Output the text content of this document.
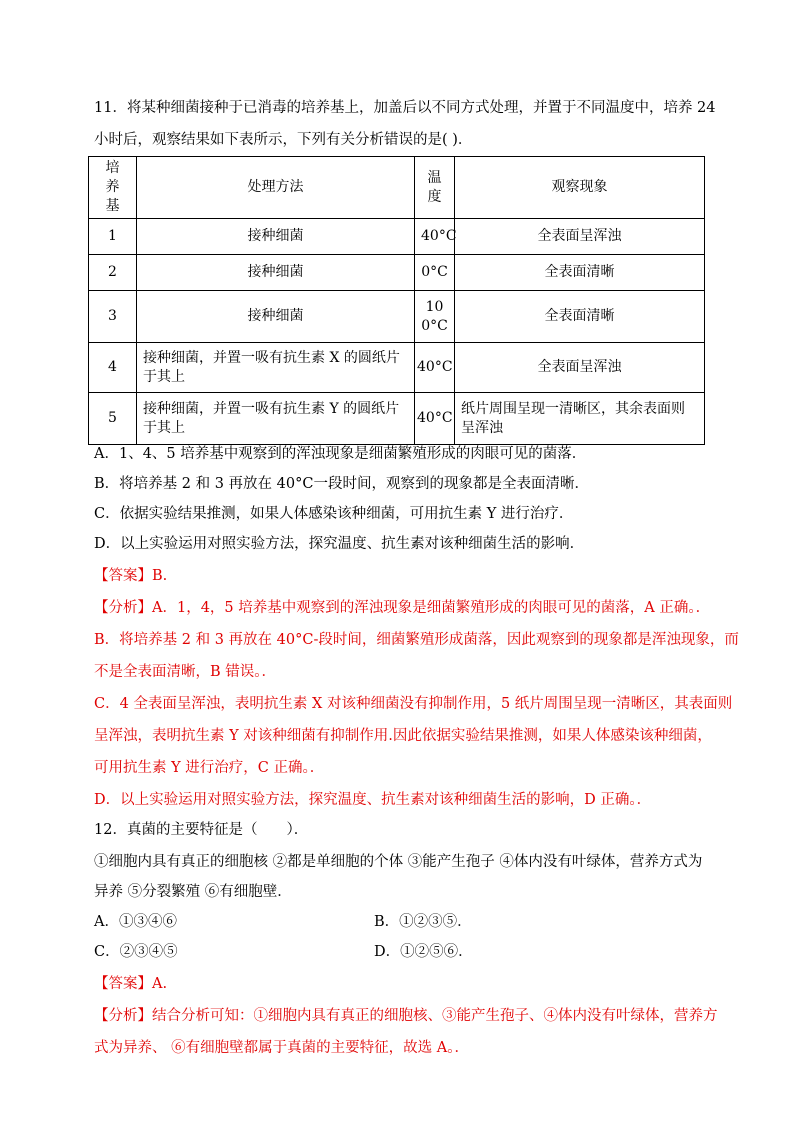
11．将某种细菌接种于已消毒的培养基上，加盖后以不同方式处理，并置于不同温度中，培养 24
小时后，观察结果如下表所示，下列有关分析错误的是( )．
培养基	处理方法	温度	观察现象
1	接种细菌	40°C	全表面呈浑浊
2	接种细菌	0°C	全表面清晰
3	接种细菌	100°C	全表面清晰
4	接种细菌，并置一吸有抗生素 X 的圆纸片于其上	40°C	全表面呈浑浊
5	接种细菌，并置一吸有抗生素 Y 的圆纸片于其上	40°C	纸片周围呈现一清晰区，其余表面则呈浑浊
A．1、4、5 培养基中观察到的浑浊现象是细菌繁殖形成的肉眼可见的菌落．
B．将培养基 2 和 3 再放在 40°C一段时间，观察到的现象都是全表面清晰．
C．依据实验结果推测，如果人体感染该种细菌，可用抗生素 Y 进行治疗．
D．以上实验运用对照实验方法，探究温度、抗生素对该种细菌生活的影响．
【答案】B.
【分析】A．1，4，5 培养基中观察到的浑浊现象是细菌繁殖形成的肉眼可见的菌落，A 正确。．
B．将培养基 2 和 3 再放在 40°C-段时间，细菌繁殖形成菌落，因此观察到的现象都是浑浊现象，而
不是全表面清晰，B 错误。．
C．4 全表面呈浑浊，表明抗生素 X 对该种细菌没有抑制作用，5 纸片周围呈现一清晰区，其表面则
呈浑浊，表明抗生素 Y 对该种细菌有抑制作用.因此依据实验结果推测，如果人体感染该种细菌，
可用抗生素 Y 进行治疗，C 正确。．
D．以上实验运用对照实验方法，探究温度、抗生素对该种细菌生活的影响，D 正确。．
12．真菌的主要特征是（　　）．
①细胞内具有真正的细胞核 ②都是单细胞的个体 ③能产生孢子 ④体内没有叶绿体，营养方式为
异养 ⑤分裂繁殖 ⑥有细胞壁．
A．①③④⑥	B．①②③⑤．
C．②③④⑤	D．①②⑤⑥．
【答案】A.
【分析】结合分析可知：①细胞内具有真正的细胞核、③能产生孢子、④体内没有叶绿体，营养方
式为异养、 ⑥有细胞壁都属于真菌的主要特征，故选 A。．
